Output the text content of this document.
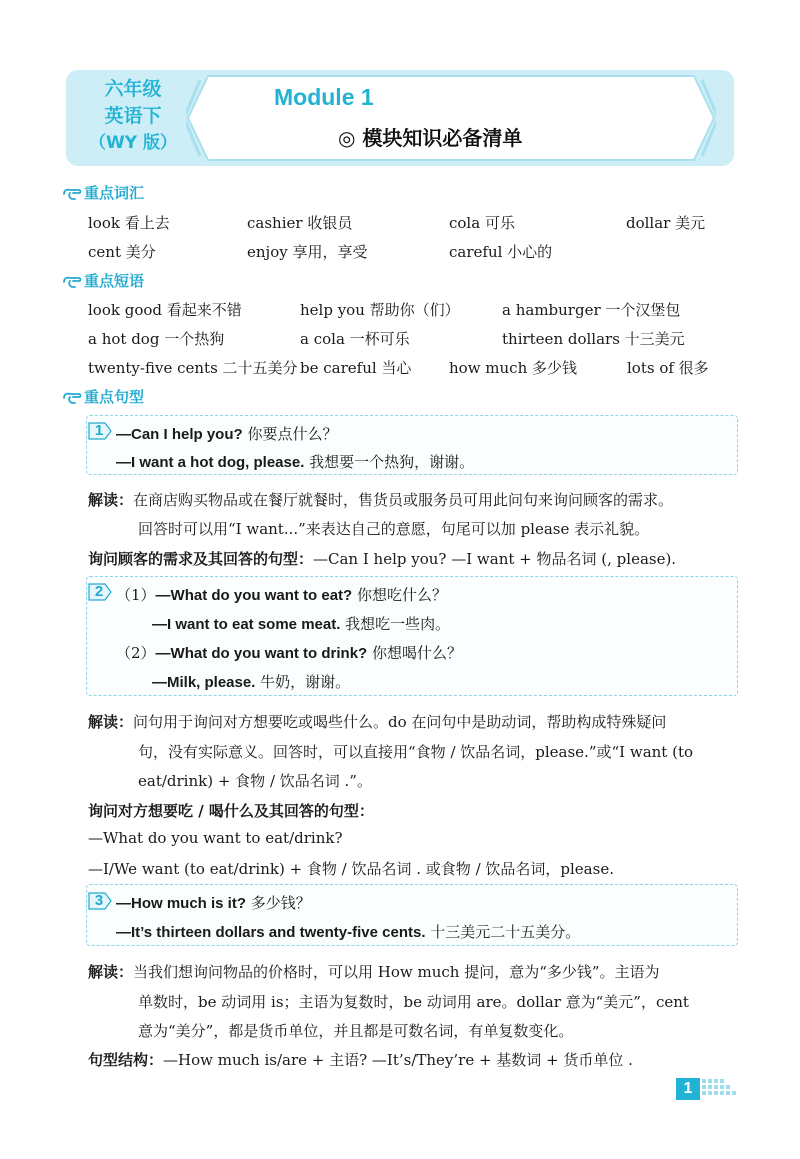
六年级
英语下
（WY 版）
Module 1
◎ 模块知识必备清单
重点词汇
look 看上去	cashier 收银员	cola 可乐	dollar 美元
cent 美分	enjoy 享用，享受	careful 小心的
重点短语
look good 看起来不错	help you 帮助你（们）	a hamburger 一个汉堡包
a hot dog 一个热狗	a cola 一杯可乐	thirteen dollars 十三美元
twenty-five cents 二十五美分 be careful 当心	how much 多少钱	lots of 很多
重点句型
1 —Can I help you? 你要点什么？
—I want a hot dog, please. 我想要一个热狗，谢谢。
解读：在商店购买物品或在餐厅就餐时，售货员或服务员可用此问句来询问顾客的需求。
回答时可以用“I want...”来表达自己的意愿，句尾可以加 please 表示礼貌。
询问顾客的需求及其回答的句型：—Can I help you? —I want + 物品名词 (, please).
2 （1）—What do you want to eat? 你想吃什么？
—I want to eat some meat. 我想吃一些肉。
（2）—What do you want to drink? 你想喝什么？
—Milk, please. 牛奶，谢谢。
解读：问句用于询问对方想要吃或喝些什么。do 在问句中是助动词，帮助构成特殊疑问
句，没有实际意义。回答时，可以直接用“食物 / 饮品名词，please.”或“I want (to
eat/drink) + 食物 / 饮品名词 .”。
询问对方想要吃 / 喝什么及其回答的句型：
—What do you want to eat/drink?
—I/We want (to eat/drink) + 食物 / 饮品名词 . 或食物 / 饮品名词，please.
3 —How much is it? 多少钱？
—It’s thirteen dollars and twenty-five cents. 十三美元二十五美分。
解读：当我们想询问物品的价格时，可以用 How much 提问，意为“多少钱”。主语为
单数时，be 动词用 is；主语为复数时，be 动词用 are。dollar 意为“美元”，cent
意为“美分”，都是货币单位，并且都是可数名词，有单复数变化。
句型结构：—How much is/are + 主语? —It’s/They’re + 基数词 + 货币单位 .
1
